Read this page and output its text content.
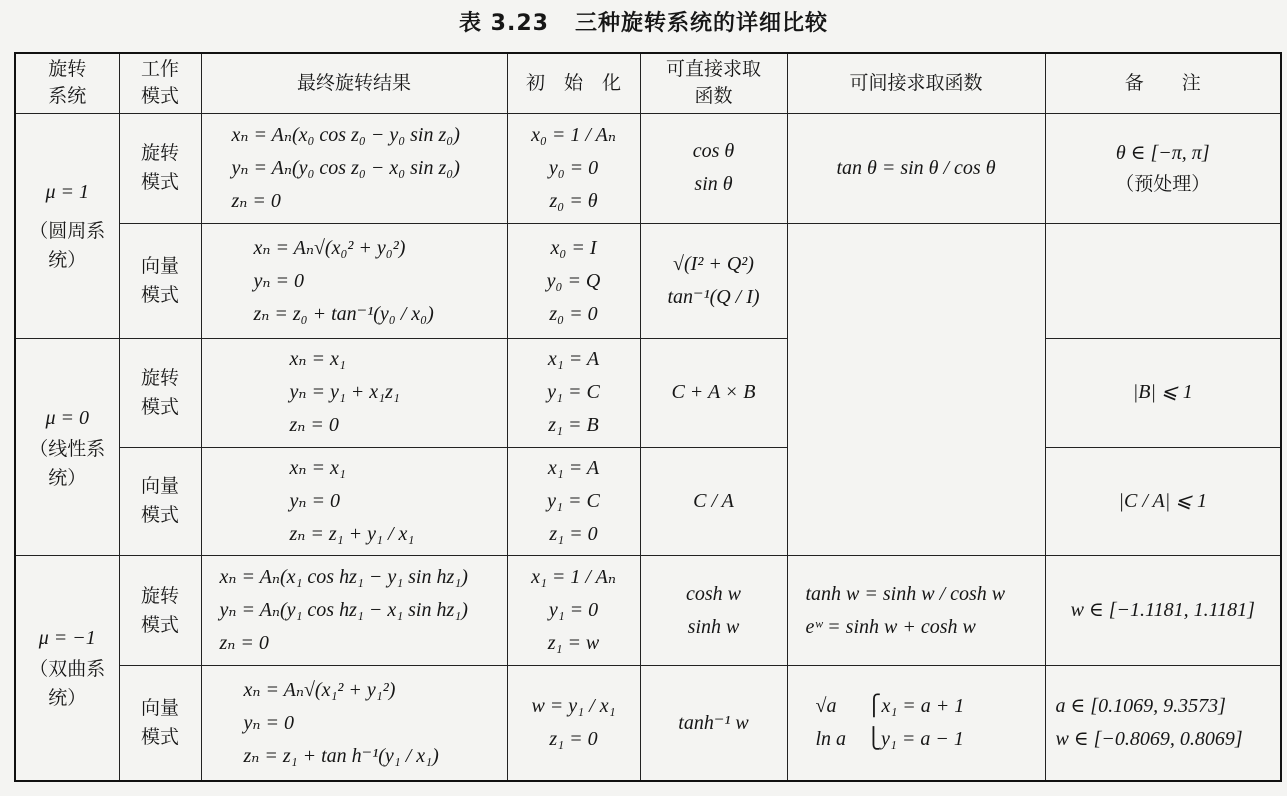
表 3.23 三种旋转系统的详细比较
旋转
系统	工作
模式	最终旋转结果	初　始　化	可直接求取
函数	可间接求取函数	备　　注

μ = 1
（圆周系
统）	旋转
模式	xₙ = Aₙ(x₀ cos z₀ − y₀ sin z₀)
yₙ = Aₙ(y₀ cos z₀ − x₀ sin z₀)
zₙ = 0	x₀ = 1 / Aₙ
y₀ = 0
z₀ = θ	cos θ
sin θ	tan θ = sin θ / cos θ	θ ∈ [−π, π]
（预处理）

	向量
模式	xₙ = Aₙ√(x₀² + y₀²)
yₙ = 0
zₙ = z₀ + tan⁻¹(y₀ / x₀)	x₀ = I
y₀ = Q
z₀ = 0	√(I² + Q²)
tan⁻¹(Q / I)		

μ = 0
（线性系
统）	旋转
模式	xₙ = x₁
yₙ = y₁ + x₁z₁
zₙ = 0	x₁ = A
y₁ = C
z₁ = B	C + A × B		|B| ⩽ 1

	向量
模式	xₙ = x₁
yₙ = 0
zₙ = z₁ + y₁ / x₁	x₁ = A
y₁ = C
z₁ = 0	C / A		|C / A| ⩽ 1

μ = −1
（双曲系
统）	旋转
模式	xₙ = Aₙ(x₁ cos hz₁ − y₁ sin hz₁)
yₙ = Aₙ(y₁ cos hz₁ − x₁ sin hz₁)
zₙ = 0	x₁ = 1 / Aₙ
y₁ = 0
z₁ = w	cosh w
sinh w	tanh w = sinh w / cosh w
eʷ = sinh w + cosh w	w ∈ [−1.1181, 1.1181]

	向量
模式	xₙ = Aₙ√(x₁² + y₁²)
yₙ = 0
zₙ = z₁ + tan h⁻¹(y₁ / x₁)	w = y₁ / x₁
z₁ = 0	tanh⁻¹ w	√a      ⎧x₁ = a + 1
ln a    ⎩y₁ = a − 1	a ∈ [0.1069, 9.3573]
w ∈ [−0.8069, 0.8069]
